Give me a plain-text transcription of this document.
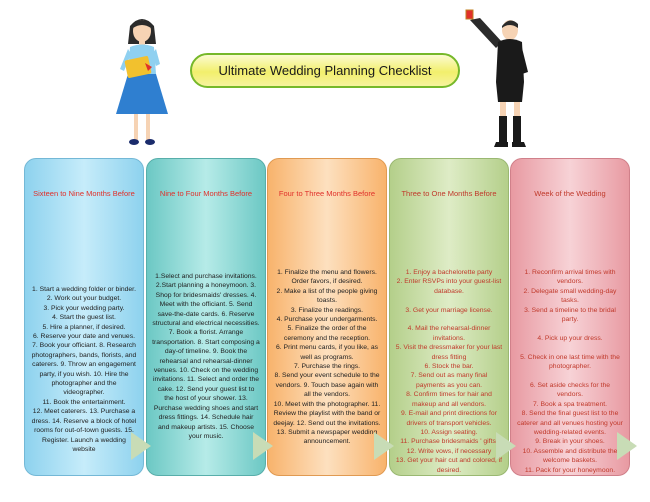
Ultimate Wedding Planning Checklist
Sixteen to Nine Months Before
1. Start a wedding folder or binder.
2. Work out your budget.
3. Pick your wedding party.
4. Start the guest list.
5. Hire a planner, if desired.
6. Reserve your date and venues.
7. Book your officiant. 8. Research photographers, bands, florists, and caterers. 9. Throw an engagement party, if you wish. 10. Hire the photographer and the videographer.
11. Book the entertainment.
12. Meet caterers. 13. Purchase a dress. 14. Reserve a block of hotel rooms for out-of-town guests. 15. Register. Launch a wedding website
Nine to Four Months Before
1.Select and purchase invitations. 2.Start planning a honeymoon. 3. Shop for bridesmaids' dresses. 4. Meet with the officiant. 5. Send save-the-date cards. 6. Reserve structural and electrical necessities. 7. Book a florist. Arrange transportation. 8. Start composing a day-of timeline. 9. Book the rehearsal and rehearsal-dinner venues. 10. Check on the wedding invitations. 11. Select and order the cake. 12. Send your guest list to the host of your shower. 13. Purchase wedding shoes and start dress fittings. 14. Schedule hair and makeup artists. 15. Choose your music.
Four to Three Months Before
1. Finalize the menu and flowers. Order favors, if desired.
2. Make a list of the people giving toasts.
3. Finalize the readings.
4. Purchase your undergarments.
5. Finalize the order of the ceremony and the reception.
6. Print menu cards, if you like, as well as programs.
7. Purchase the rings.
8. Send your event schedule to the vendors. 9. Touch base again with all the vendors.
10. Meet with the photographer. 11. Review the playlist with the band or deejay. 12. Send out the invitations. 13. Submit a newspaper wedding announcement.
Three to One Months Before
1. Enjoy a bachelorette party
2. Enter RSVPs into your guest-list database.

3. Get your marriage license.

4. Mail the rehearsal-dinner invitations.
5. Visit the dressmaker for your last dress fitting
6. Stock the bar.
7. Send out as many final payments as you can.
8. Confirm times for hair and makeup and all vendors.
9. E-mail and print directions for drivers of transport vehicles.
10. Assign seating.
11. Purchase bridesmaids ' gifts.
12. Write vows, if necessary
13. Get your hair cut and colored, if desired.
Week of the Wedding
1. Reconfirm arrival times with vendors.
2. Delegate small wedding-day tasks.
3. Send a timeline to the bridal party.

4. Pick up your dress.

5. Check in one last time with the photographer.

6. Set aside checks for the vendors.
7. Book a spa treatment.
8. Send the final guest list to the caterer and all venues hosting your wedding-related events.
9. Break in your shoes.
10. Assemble and distribute the welcome baskets.
11. Pack for your honeymoon.
